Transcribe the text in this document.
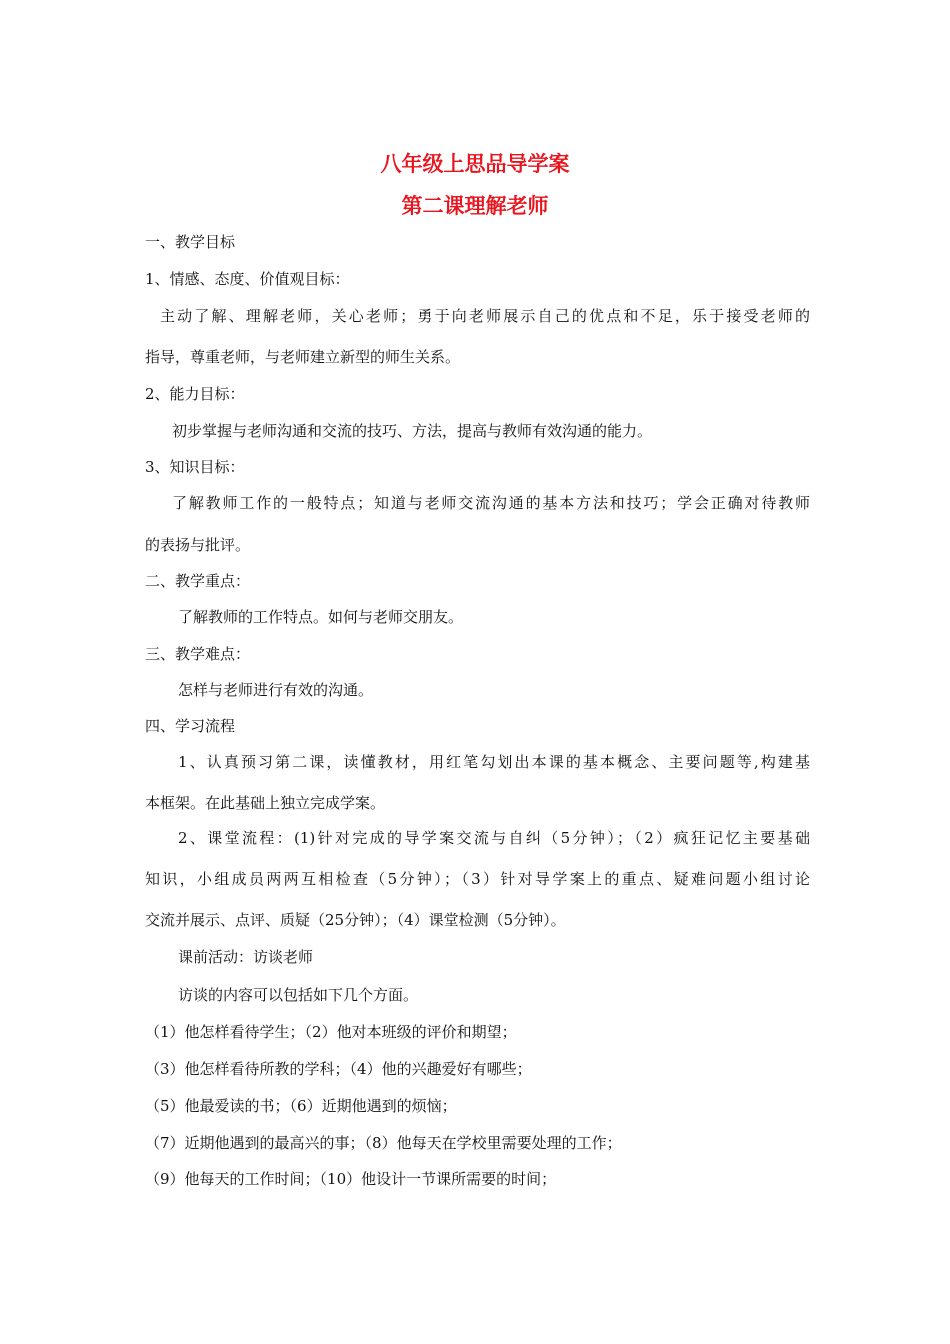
八年级上思品导学案
第二课理解老师
一、教学目标
1、情感、态度、价值观目标：
主动了解、理解老师，关心老师；勇于向老师展示自己的优点和不足，乐于接受老师的
指导，尊重老师，与老师建立新型的师生关系。
2、能力目标：
初步掌握与老师沟通和交流的技巧、方法，提高与教师有效沟通的能力。
3、知识目标：
了解教师工作的一般特点；知道与老师交流沟通的基本方法和技巧；学会正确对待教师
的表扬与批评。
二、教学重点：
了解教师的工作特点。如何与老师交朋友。
三、教学难点：
怎样与老师进行有效的沟通。
四、学习流程
1、认真预习第二课，读懂教材，用红笔勾划出本课的基本概念、主要问题等,构建基
本框架。在此基础上独立完成学案。
2、课堂流程：(1)针对完成的导学案交流与自纠（5分钟）；（2）疯狂记忆主要基础
知识，小组成员两两互相检查（5分钟）；（3）针对导学案上的重点、疑难问题小组讨论
交流并展示、点评、质疑（25分钟）；（4）课堂检测（5分钟）。
课前活动：访谈老师
访谈的内容可以包括如下几个方面。
（1）他怎样看待学生；（2）他对本班级的评价和期望；
（3）他怎样看待所教的学科；（4）他的兴趣爱好有哪些；
（5）他最爱读的书；（6）近期他遇到的烦恼；
（7）近期他遇到的最高兴的事；（8）他每天在学校里需要处理的工作；
（9）他每天的工作时间；（10）他设计一节课所需要的时间；
